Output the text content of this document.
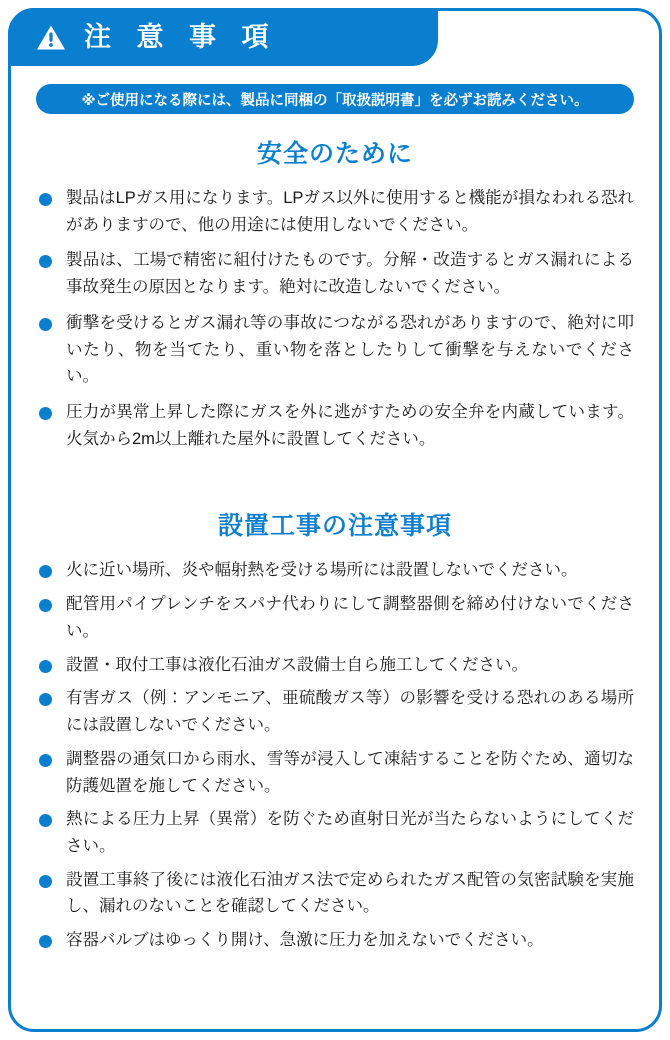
注 意 事 項
※ご使用になる際には、製品に同梱の「取扱説明書」を必ずお読みください。
安全のために
製品はLPガス用になります。LPガス以外に使用すると機能が損なわれる恐れがありますので、他の用途には使用しないでください。
製品は、工場で精密に組付けたものです。分解・改造するとガス漏れによる事故発生の原因となります。絶対に改造しないでください。
衝撃を受けるとガス漏れ等の事故につながる恐れがありますので、絶対に叩いたり、物を当てたり、重い物を落としたりして衝撃を与えないでください。
圧力が異常上昇した際にガスを外に逃がすための安全弁を内蔵しています。火気から2m以上離れた屋外に設置してください。
設置工事の注意事項
火に近い場所、炎や幅射熱を受ける場所には設置しないでください。
配管用パイプレンチをスパナ代わりにして調整器側を締め付けないでください。
設置・取付工事は液化石油ガス設備士自ら施工してください。
有害ガス（例：アンモニア、亜硫酸ガス等）の影響を受ける恐れのある場所には設置しないでください。
調整器の通気口から雨水、雪等が浸入して凍結することを防ぐため、適切な防護処置を施してください。
熱による圧力上昇（異常）を防ぐため直射日光が当たらないようにしてください。
設置工事終了後には液化石油ガス法で定められたガス配管の気密試験を実施し、漏れのないことを確認してください。
容器バルブはゆっくり開け、急激に圧力を加えないでください。
